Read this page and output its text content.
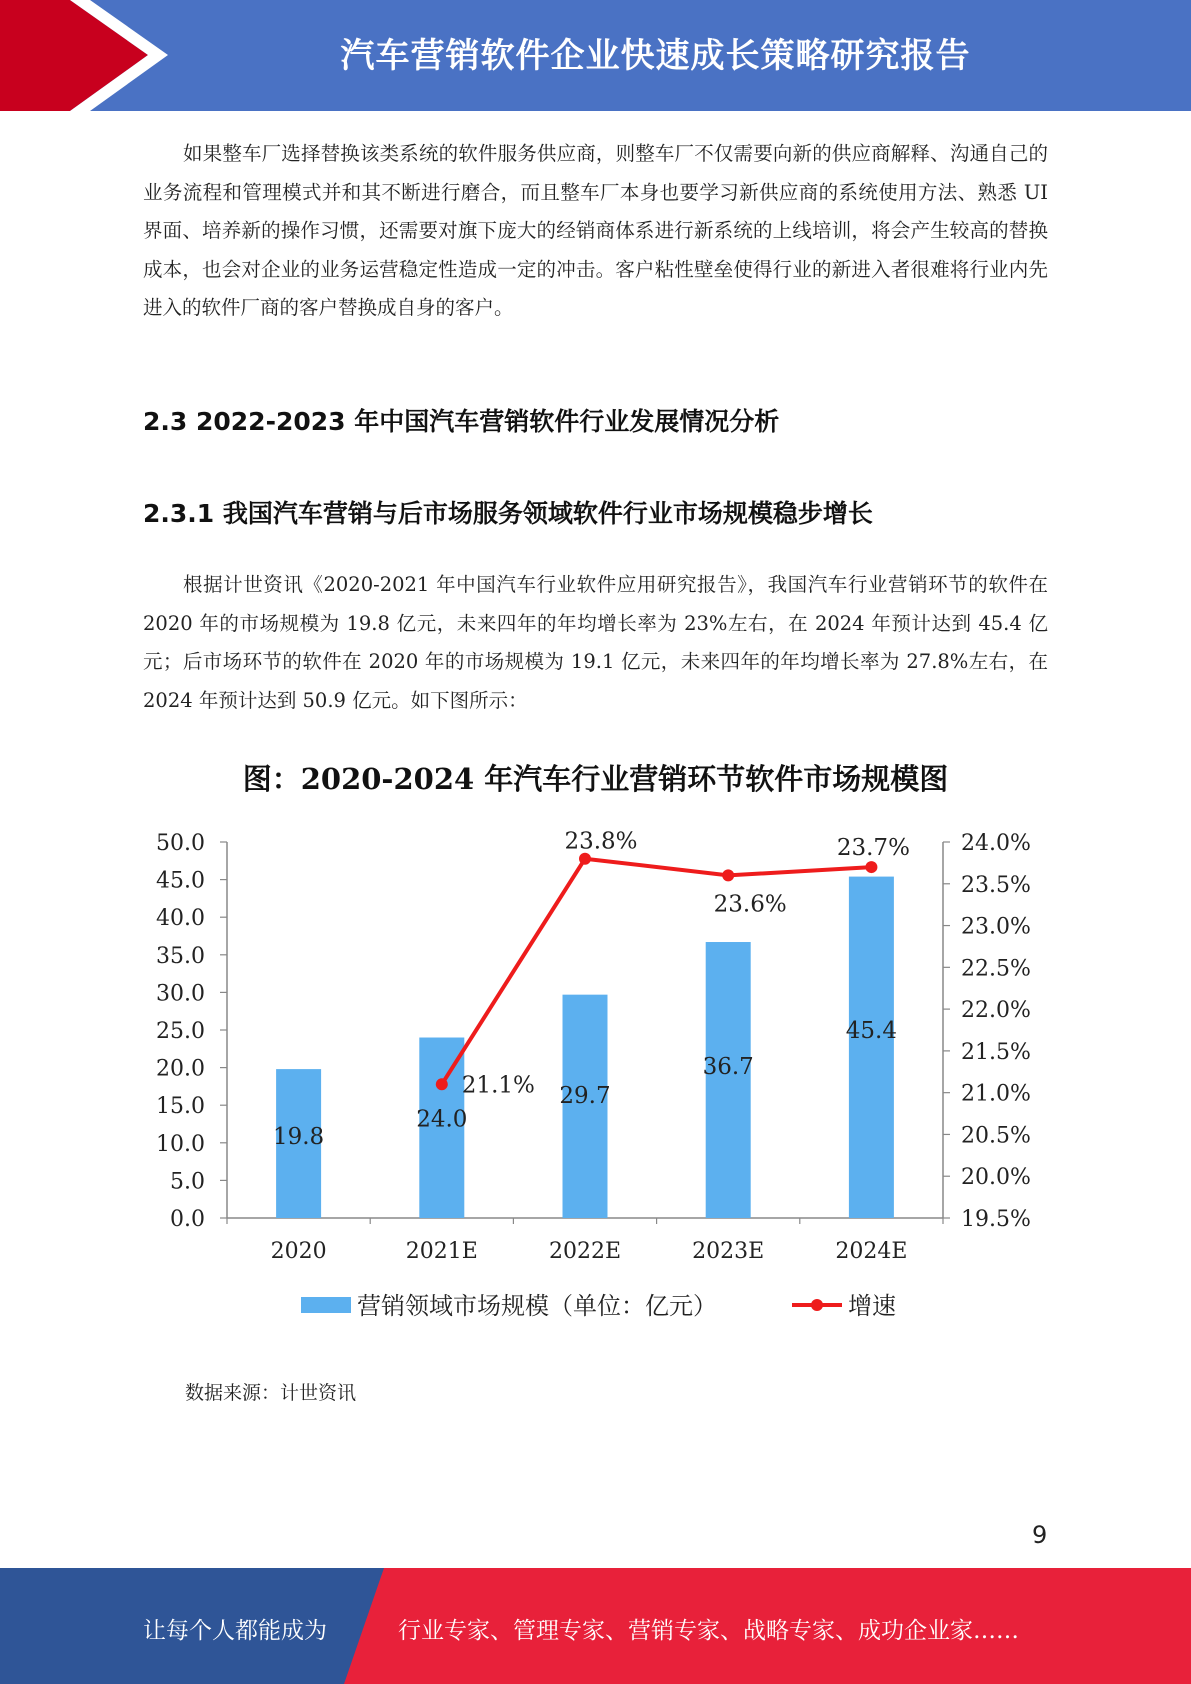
汽车营销软件企业快速成长策略研究报告

如果整车厂选择替换该类系统的软件服务供应商，则整车厂不仅需要向新的供应商解释、沟通自己的业务流程和管理模式并和其不断进行磨合，而且整车厂本身也要学习新供应商的系统使用方法、熟悉 UI 界面、培养新的操作习惯，还需要对旗下庞大的经销商体系进行新系统的上线培训，将会产生较高的替换成本，也会对企业的业务运营稳定性造成一定的冲击。客户粘性壁垒使得行业的新进入者很难将行业内先进入的软件厂商的客户替换成自身的客户。

2.3 2022-2023 年中国汽车营销软件行业发展情况分析
2.3.1 我国汽车营销与后市场服务领域软件行业市场规模稳步增长

根据计世资讯《2020-2021 年中国汽车行业软件应用研究报告》，我国汽车行业营销环节的软件在 2020 年的市场规模为 19.8 亿元，未来四年的年均增长率为 23%左右，在 2024 年预计达到 45.4 亿元；后市场环节的软件在 2020 年的市场规模为 19.1 亿元，未来四年的年均增长率为 27.8%左右，在 2024 年预计达到 50.9 亿元。如下图所示：

图：2020-2024 年汽车行业营销环节软件市场规模图
0.0
5.0
10.0
15.0
20.0
25.0
30.0
35.0
40.0
45.0
50.0
19.5%
20.0%
20.5%
21.0%
21.5%
22.0%
22.5%
23.0%
23.5%
24.0%
2020	2021E	2022E	2023E	2024E
19.8
24.0
29.7
36.7
45.4
21.1%
23.8%
23.6%
23.7%
营销领域市场规模（单位：亿元）	增速
数据来源：计世资讯
9
让每个人都能成为	行业专家、管理专家、营销专家、战略专家、成功企业家……
